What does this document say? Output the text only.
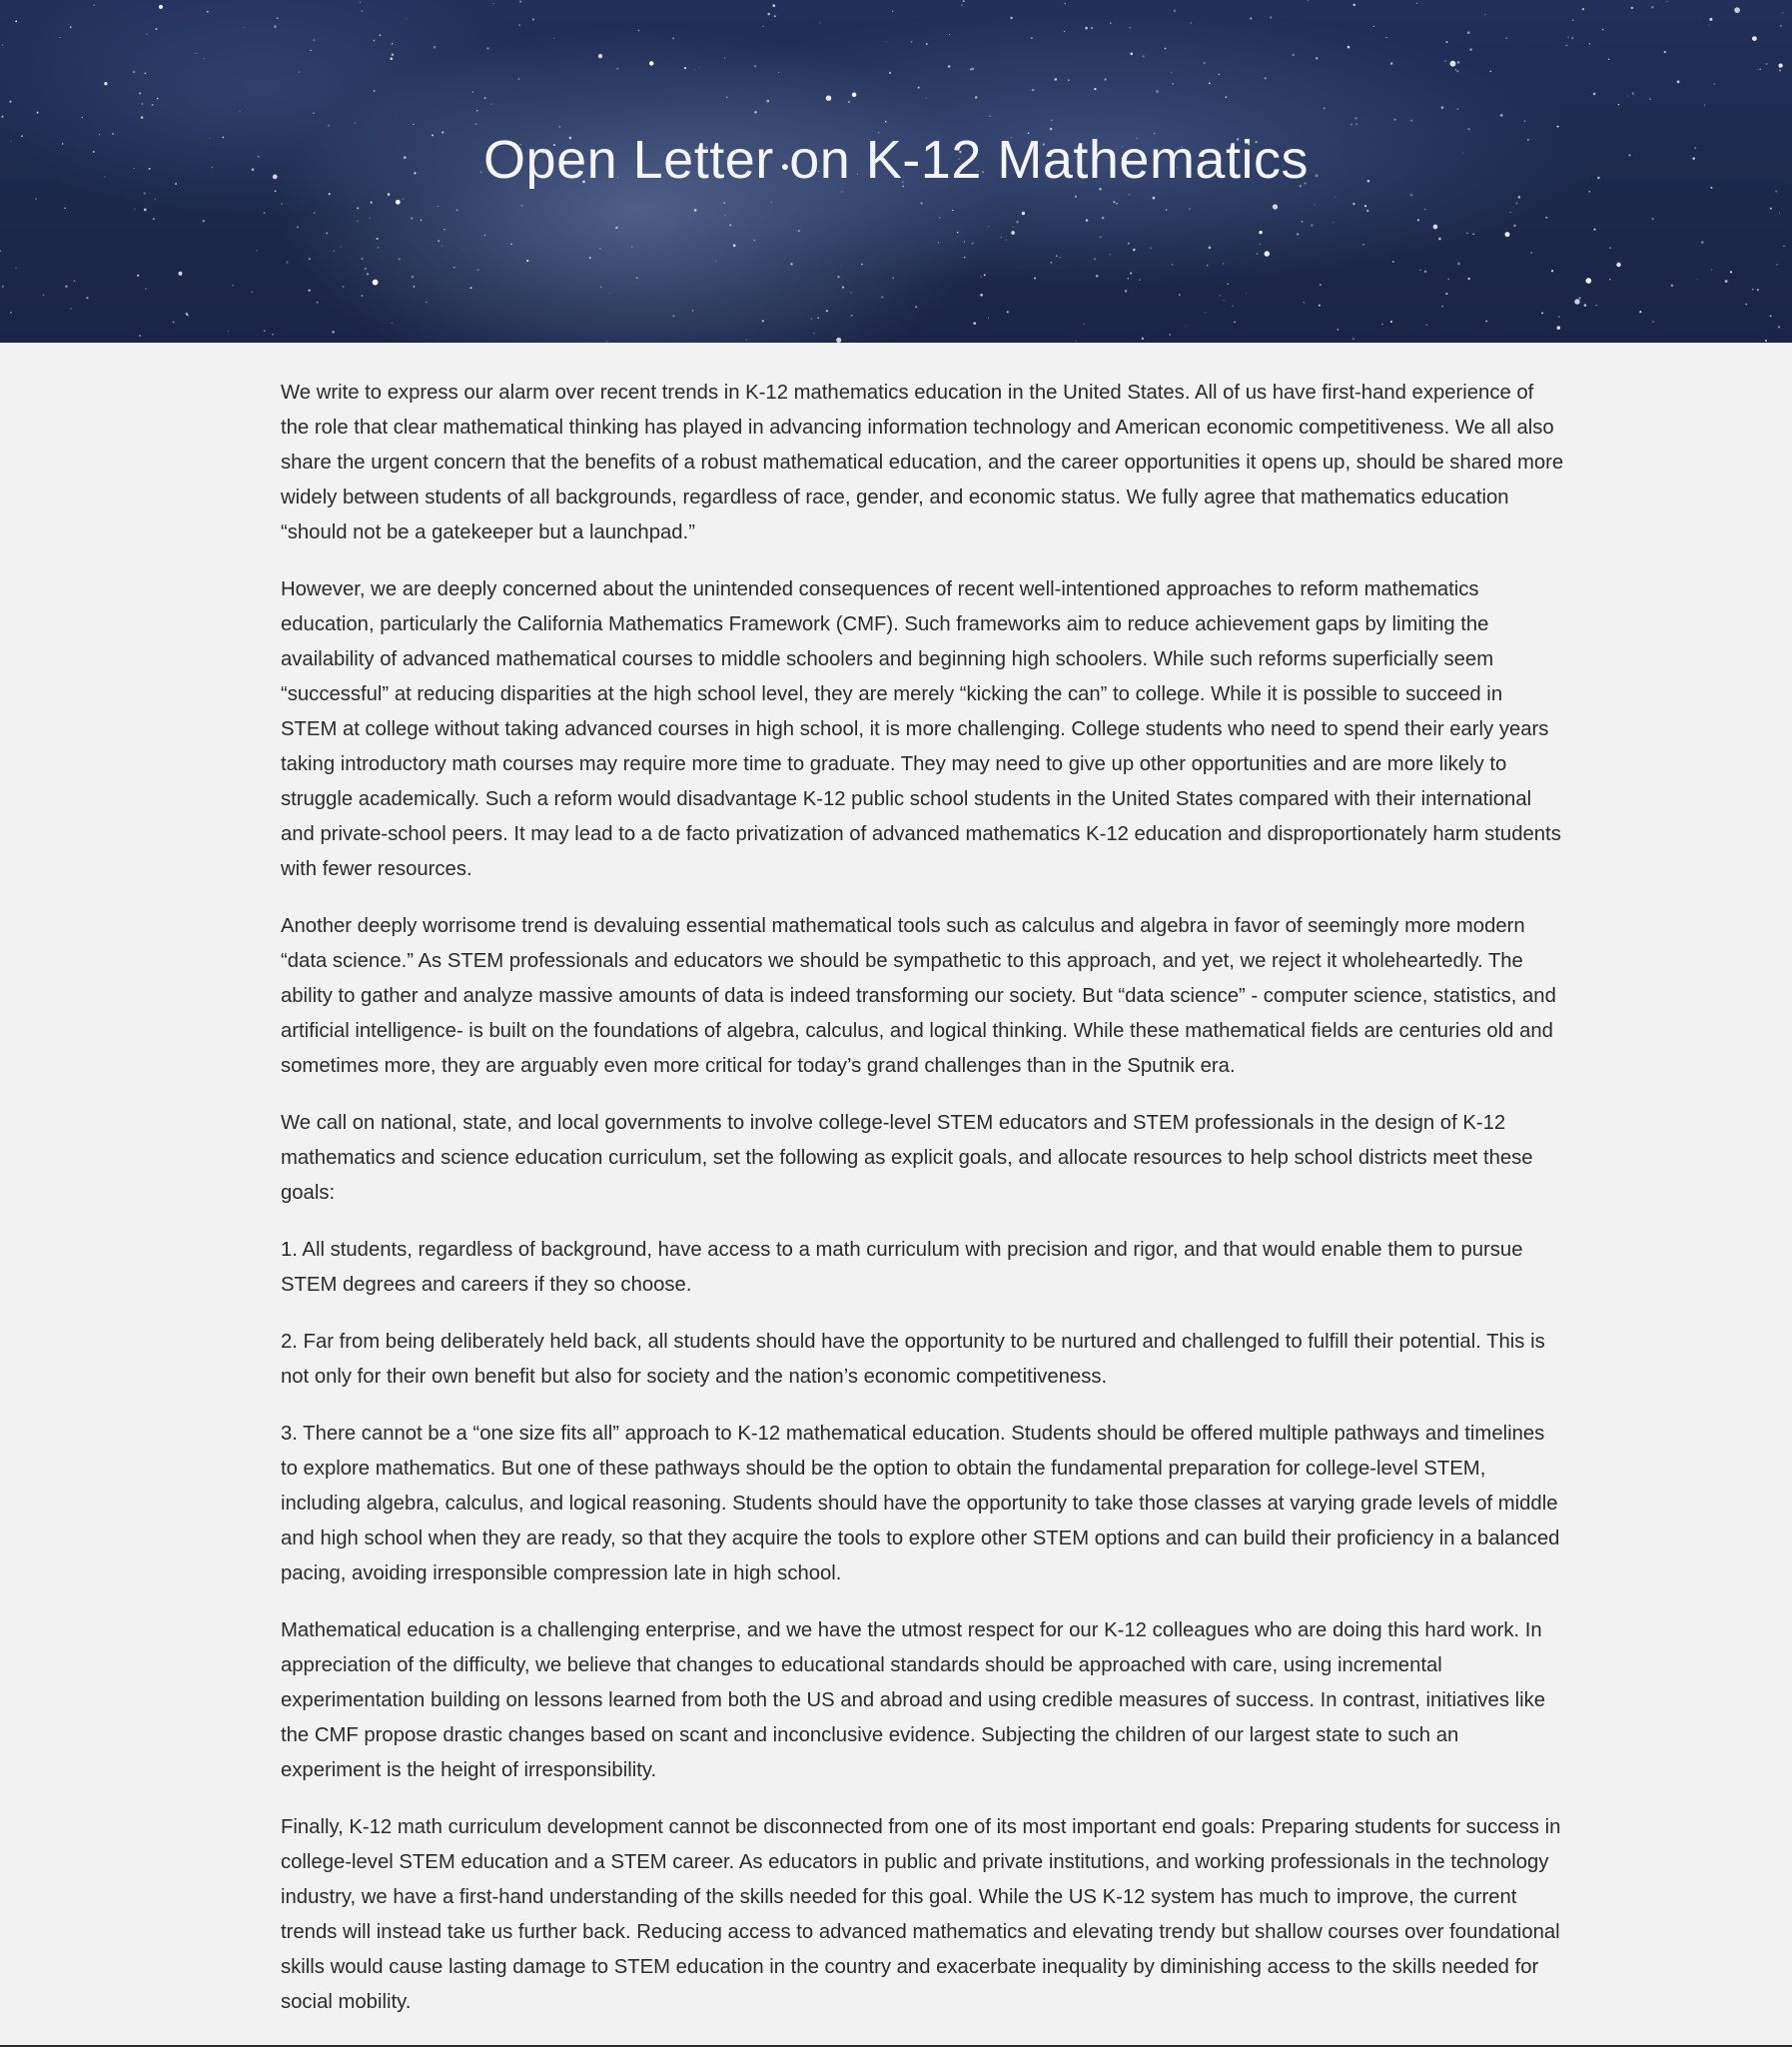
Open Letter on K-12 Mathematics

We write to express our alarm over recent trends in K-12 mathematics education in the United States. All of us have first-hand experience of the role that clear mathematical thinking has played in advancing information technology and American economic competitiveness. We all also share the urgent concern that the benefits of a robust mathematical education, and the career opportunities it opens up, should be shared more widely between students of all backgrounds, regardless of race, gender, and economic status. We fully agree that mathematics education “should not be a gatekeeper but a launchpad.”

However, we are deeply concerned about the unintended consequences of recent well-intentioned approaches to reform mathematics education, particularly the California Mathematics Framework (CMF). Such frameworks aim to reduce achievement gaps by limiting the availability of advanced mathematical courses to middle schoolers and beginning high schoolers. While such reforms superficially seem “successful” at reducing disparities at the high school level, they are merely “kicking the can” to college. While it is possible to succeed in STEM at college without taking advanced courses in high school, it is more challenging. College students who need to spend their early years taking introductory math courses may require more time to graduate. They may need to give up other opportunities and are more likely to struggle academically. Such a reform would disadvantage K-12 public school students in the United States compared with their international and private-school peers. It may lead to a de facto privatization of advanced mathematics K-12 education and disproportionately harm students with fewer resources.

Another deeply worrisome trend is devaluing essential mathematical tools such as calculus and algebra in favor of seemingly more modern “data science.” As STEM professionals and educators we should be sympathetic to this approach, and yet, we reject it wholeheartedly. The ability to gather and analyze massive amounts of data is indeed transforming our society. But “data science” - computer science, statistics, and artificial intelligence- is built on the foundations of algebra, calculus, and logical thinking. While these mathematical fields are centuries old and sometimes more, they are arguably even more critical for today’s grand challenges than in the Sputnik era.

We call on national, state, and local governments to involve college-level STEM educators and STEM professionals in the design of K-12 mathematics and science education curriculum, set the following as explicit goals, and allocate resources to help school districts meet these goals:

1. All students, regardless of background, have access to a math curriculum with precision and rigor, and that would enable them to pursue STEM degrees and careers if they so choose.

2. Far from being deliberately held back, all students should have the opportunity to be nurtured and challenged to fulfill their potential. This is not only for their own benefit but also for society and the nation’s economic competitiveness.

3. There cannot be a “one size fits all” approach to K-12 mathematical education. Students should be offered multiple pathways and timelines to explore mathematics. But one of these pathways should be the option to obtain the fundamental preparation for college-level STEM, including algebra, calculus, and logical reasoning. Students should have the opportunity to take those classes at varying grade levels of middle and high school when they are ready, so that they acquire the tools to explore other STEM options and can build their proficiency in a balanced pacing, avoiding irresponsible compression late in high school.

Mathematical education is a challenging enterprise, and we have the utmost respect for our K-12 colleagues who are doing this hard work. In appreciation of the difficulty, we believe that changes to educational standards should be approached with care, using incremental experimentation building on lessons learned from both the US and abroad and using credible measures of success. In contrast, initiatives like the CMF propose drastic changes based on scant and inconclusive evidence. Subjecting the children of our largest state to such an experiment is the height of irresponsibility.

Finally, K-12 math curriculum development cannot be disconnected from one of its most important end goals: Preparing students for success in college-level STEM education and a STEM career. As educators in public and private institutions, and working professionals in the technology industry, we have a first-hand understanding of the skills needed for this goal. While the US K-12 system has much to improve, the current trends will instead take us further back. Reducing access to advanced mathematics and elevating trendy but shallow courses over foundational skills would cause lasting damage to STEM education in the country and exacerbate inequality by diminishing access to the skills needed for social mobility.
